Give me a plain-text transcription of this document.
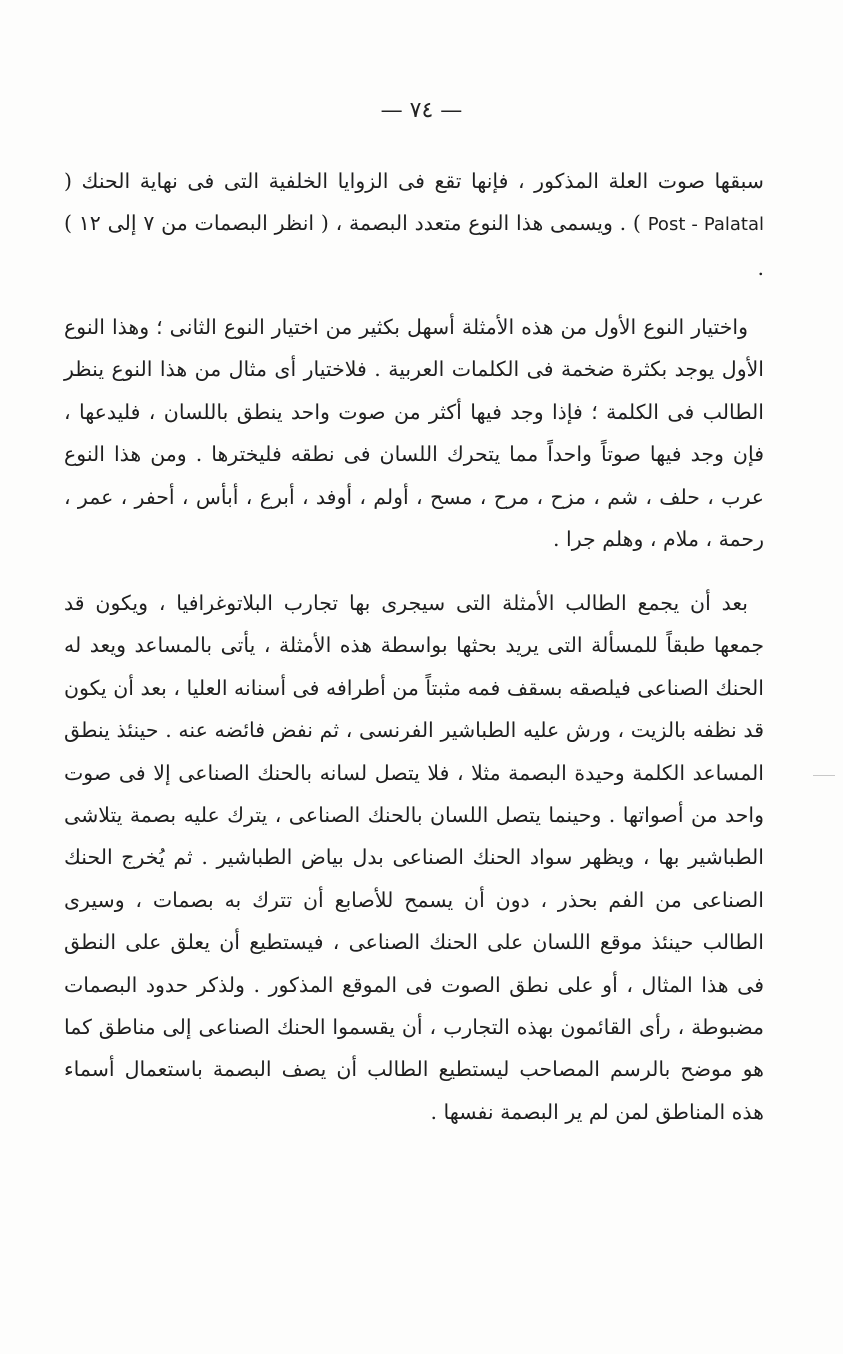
— ٧٤ —

سبقها صوت العلة المذكور ، فإنها تقع فى الزوايا الخلفية التى فى نهاية الحنك ( Post - Palatal ) . ويسمى هذا النوع متعدد البصمة ، ( انظر البصمات من ٧ إلى ١٢ ) .

واختيار النوع الأول من هذه الأمثلة أسهل بكثير من اختيار النوع الثانى ؛ وهذا النوع الأول يوجد بكثرة ضخمة فى الكلمات العربية . فلاختيار أى مثال من هذا النوع ينظر الطالب فى الكلمة ؛ فإذا وجد فيها أكثر من صوت واحد ينطق باللسان ، فليدعها ، فإن وجد فيها صوتاً واحداً مما يتحرك اللسان فى نطقه فليخترها . ومن هذا النوع عرب ، حلف ، شم ، مزح ، مرح ، مسح ، أولم ، أوفد ، أبرع ، أبأس ، أحفر ، عمر ، رحمة ، ملام ، وهلم جرا .

بعد أن يجمع الطالب الأمثلة التى سيجرى بها تجارب البلاتوغرافيا ، ويكون قد جمعها طبقاً للمسألة التى يريد بحثها بواسطة هذه الأمثلة ، يأتى بالمساعد ويعد له الحنك الصناعى فيلصقه بسقف فمه مثبتاً من أطرافه فى أسنانه العليا ، بعد أن يكون قد نظفه بالزيت ، ورش عليه الطباشير الفرنسى ، ثم نفض فائضه عنه . حينئذ ينطق المساعد الكلمة وحيدة البصمة مثلا ، فلا يتصل لسانه بالحنك الصناعى إلا فى صوت واحد من أصواتها . وحينما يتصل اللسان بالحنك الصناعى ، يترك عليه بصمة يتلاشى الطباشير بها ، ويظهر سواد الحنك الصناعى بدل بياض الطباشير . ثم يُخرج الحنك الصناعى من الفم بحذر ، دون أن يسمح للأصابع أن تترك به بصمات ، وسيرى الطالب حينئذ موقع اللسان على الحنك الصناعى ، فيستطيع أن يعلق على النطق فى هذا المثال ، أو على نطق الصوت فى الموقع المذكور . ولذكر حدود البصمات مضبوطة ، رأى القائمون بهذه التجارب ، أن يقسموا الحنك الصناعى إلى مناطق كما هو موضح بالرسم المصاحب ليستطيع الطالب أن يصف البصمة باستعمال أسماء هذه المناطق لمن لم ير البصمة نفسها .
